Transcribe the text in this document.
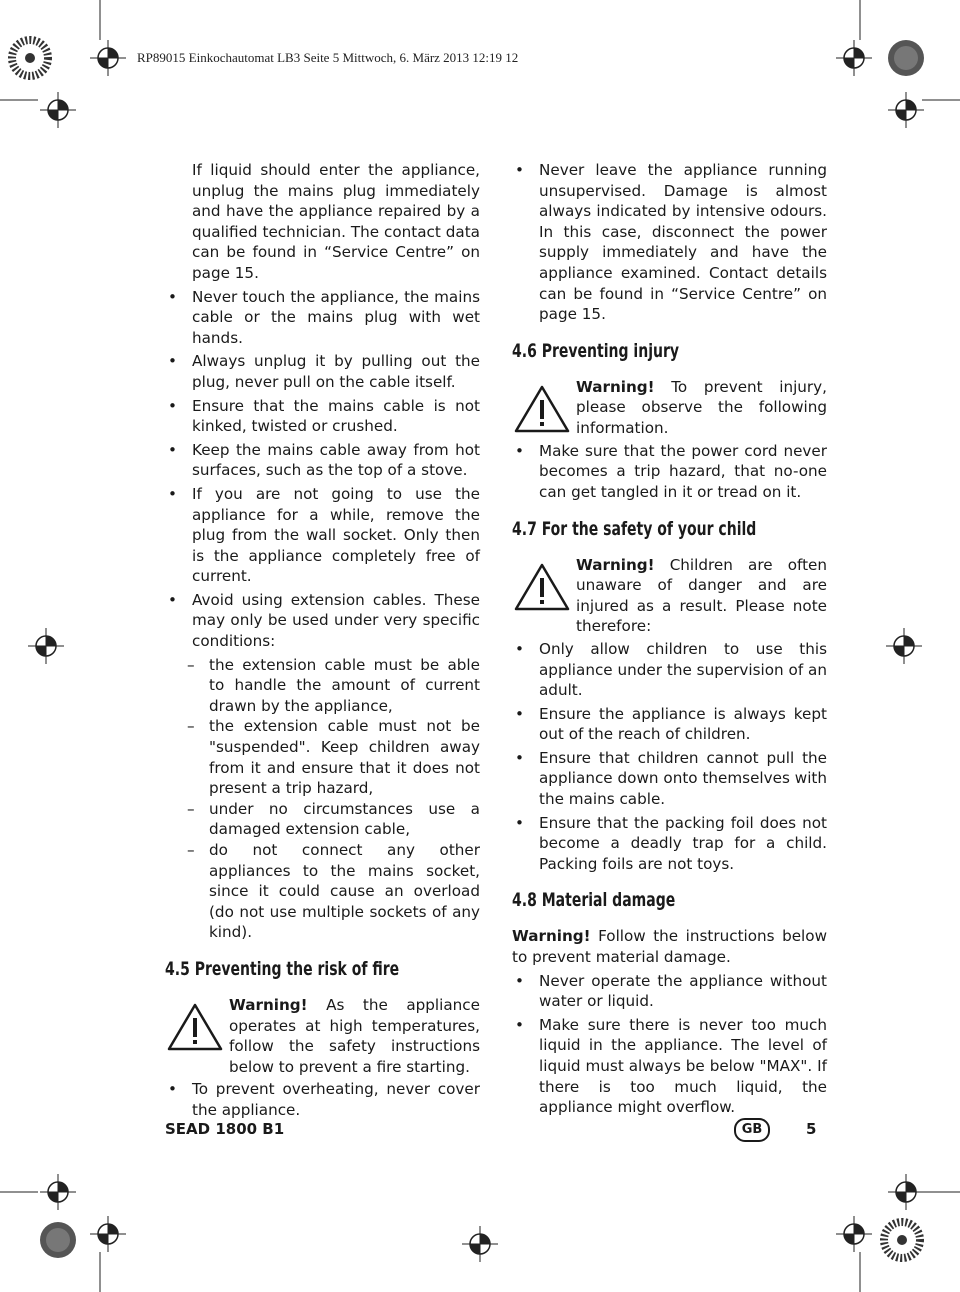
RP89015 Einkochautomat LB3 Seite 5 Mittwoch, 6. März 2013 12:19 12

If liquid should enter the appliance, unplug the mains plug immediately and have the appliance repaired by a qualified technician. The contact data can be found in “Service Centre” on page 15.

• Never touch the appliance, the mains cable or the mains plug with wet hands.
• Always unplug it by pulling out the plug, never pull on the cable itself.
• Ensure that the mains cable is not kinked, twisted or crushed.
• Keep the mains cable away from hot surfaces, such as the top of a stove.
• If you are not going to use the appliance for a while, remove the plug from the wall socket. Only then is the appliance completely free of current.
• Avoid using extension cables. These may only be used under very specific conditions:
– the extension cable must be able to handle the amount of current drawn by the appliance,
– the extension cable must not be "suspended". Keep children away from it and ensure that it does not present a trip hazard,
– under no circumstances use a damaged extension cable,
– do not connect any other appliances to the mains socket, since it could cause an overload (do not use multiple sockets of any kind).
4.5 Preventing the risk of fire
Warning! As the appliance operates at high temperatures, follow the safety instructions below to prevent a fire starting.
• To prevent overheating, never cover the appliance.
• Never leave the appliance running unsupervised. Damage is almost always indicated by intensive odours. In this case, disconnect the power supply immediately and have the appliance examined. Contact details can be found in “Service Centre” on page 15.
4.6 Preventing injury
Warning! To prevent injury, please observe the following information.
• Make sure that the power cord never becomes a trip hazard, that no-one can get tangled in it or tread on it.
4.7 For the safety of your child
Warning! Children are often unaware of danger and are injured as a result. Please note therefore:
• Only allow children to use this appliance under the supervision of an adult.
• Ensure the appliance is always kept out of the reach of children.
• Ensure that children cannot pull the appliance down onto themselves with the mains cable.
• Ensure that the packing foil does not become a deadly trap for a child. Packing foils are not toys.
4.8 Material damage

Warning! Follow the instructions below to prevent material damage.

• Never operate the appliance without water or liquid.
• Make sure there is never too much liquid in the appliance. The level of liquid must always be below "MAX". If there is too much liquid, the appliance might overflow.
SEAD 1800 B1	GB	5
